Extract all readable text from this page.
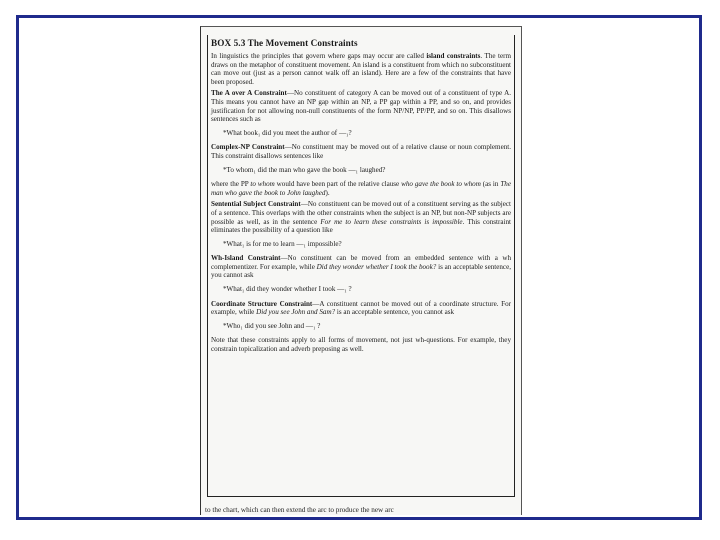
BOX 5.3 The Movement Constraints

In linguistics the principles that govern where gaps may occur are called island constraints. The term draws on the metaphor of constituent movement. An island is a constituent from which no subconstituent can move out (just as a person cannot walk off an island). Here are a few of the constraints that have been proposed.

The A over A Constraint—No constituent of category A can be moved out of a constituent of type A. This means you cannot have an NP gap within an NP, a PP gap within a PP, and so on, and provides justification for not allowing non-null constituents of the form NP/NP, PP/PP, and so on. This disallows sentences such as

*What book₁ did you meet the author of —₁?

Complex-NP Constraint—No constituent may be moved out of a relative clause or noun complement. This constraint disallows sentences like

*To whom₁ did the man who gave the book —₁ laughed?

where the PP to whom would have been part of the relative clause who gave the book to whom (as in The man who gave the book to John laughed).

Sentential Subject Constraint—No constituent can be moved out of a constituent serving as the subject of a sentence. This overlaps with the other constraints when the subject is an NP, but non-NP subjects are possible as well, as in the sentence For me to learn these constraints is impossible. This constraint eliminates the possibility of a question like

*What₁ is for me to learn —₁ impossible?

Wh-Island Constraint—No constituent can be moved from an embedded sentence with a wh complementizer. For example, while Did they wonder whether I took the book? is an acceptable sentence, you cannot ask

*What₁ did they wonder whether I took —₁ ?

Coordinate Structure Constraint—A constituent cannot be moved out of a coordinate structure. For example, while Did you see John and Sam? is an acceptable sentence, you cannot ask

*Who₁ did you see John and —₁ ?

Note that these constraints apply to all forms of movement, not just wh-questions. For example, they constrain topicalization and adverb preposing as well.

to the chart, which can then extend the arc to produce the new arc
